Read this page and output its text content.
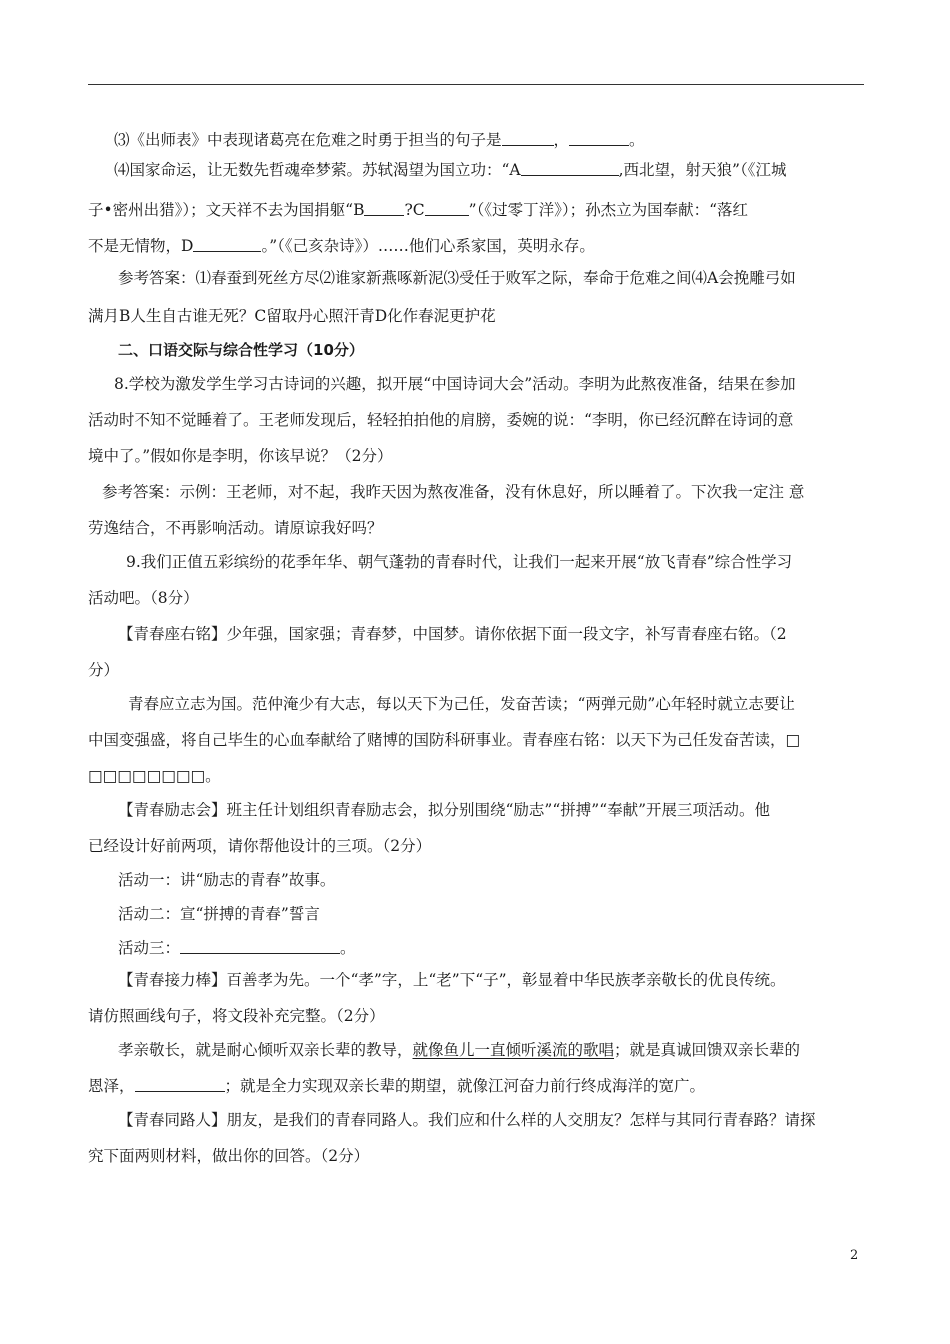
⑶《出师表》中表现诸葛亮在危难之时勇于担当的句子是	，	。
⑷国家命运，让无数先哲魂牵梦萦。苏轼渴望为国立功：“A	,西北望，射天狼”（《江城
子•密州出猎》）；文天祥不去为国捐躯“B	?C	”（《过零丁洋》）；孙杰立为国奉献：“落红
不是无情物，D	。”（《己亥杂诗》）……他们心系家国，英明永存。
参考答案：⑴春蚕到死丝方尽⑵谁家新燕啄新泥⑶受任于败军之际，奉命于危难之间⑷A会挽雕弓如
满月B人生自古谁无死？C留取丹心照汗青D化作春泥更护花
二、口语交际与综合性学习（10分）
8.学校为激发学生学习古诗词的兴趣，拟开展“中国诗词大会”活动。李明为此熬夜准备，结果在参加
活动时不知不觉睡着了。王老师发现后，轻轻拍拍他的肩膀，委婉的说：“李明，你已经沉醉在诗词的意
境中了。”假如你是李明，你该早说？（2分）
参考答案：示例：王老师，对不起，我昨天因为熬夜准备，没有休息好，所以睡着了。下次我一定注 意
劳逸结合，不再影响活动。请原谅我好吗？
9.我们正值五彩缤纷的花季年华、朝气蓬勃的青春时代，让我们一起来开展“放飞青春”综合性学习
活动吧。（8分）
【青春座右铭】少年强，国家强；青春梦，中国梦。请你依据下面一段文字，补写青春座右铭。（2
分）
青春应立志为国。范仲淹少有大志，每以天下为己任，发奋苦读；“两弹元勋”心年轻时就立志要让
中国变强盛，将自己毕生的心血奉献给了赌博的国防科研事业。青春座右铭：以天下为己任发奋苦读，□
□□□□□□□□。
【青春励志会】班主任计划组织青春励志会，拟分别围绕“励志”“拼搏”“奉献”开展三项活动。他
已经设计好前两项，请你帮他设计的三项。（2分）
活动一：讲“励志的青春”故事。
活动二：宣“拼搏的青春”誓言
活动三：	。
【青春接力棒】百善孝为先。一个“孝”字，上“老”下“子”，彰显着中华民族孝亲敬长的优良传统。
请仿照画线句子，将文段补充完整。（2分）
孝亲敬长，就是耐心倾听双亲长辈的教导，就像鱼儿一直倾听溪流的歌唱；就是真诚回馈双亲长辈的
恩泽，	；就是全力实现双亲长辈的期望，就像江河奋力前行终成海洋的宽广。
【青春同路人】朋友，是我们的青春同路人。我们应和什么样的人交朋友？怎样与其同行青春路？请探
究下面两则材料，做出你的回答。（2分）
2
